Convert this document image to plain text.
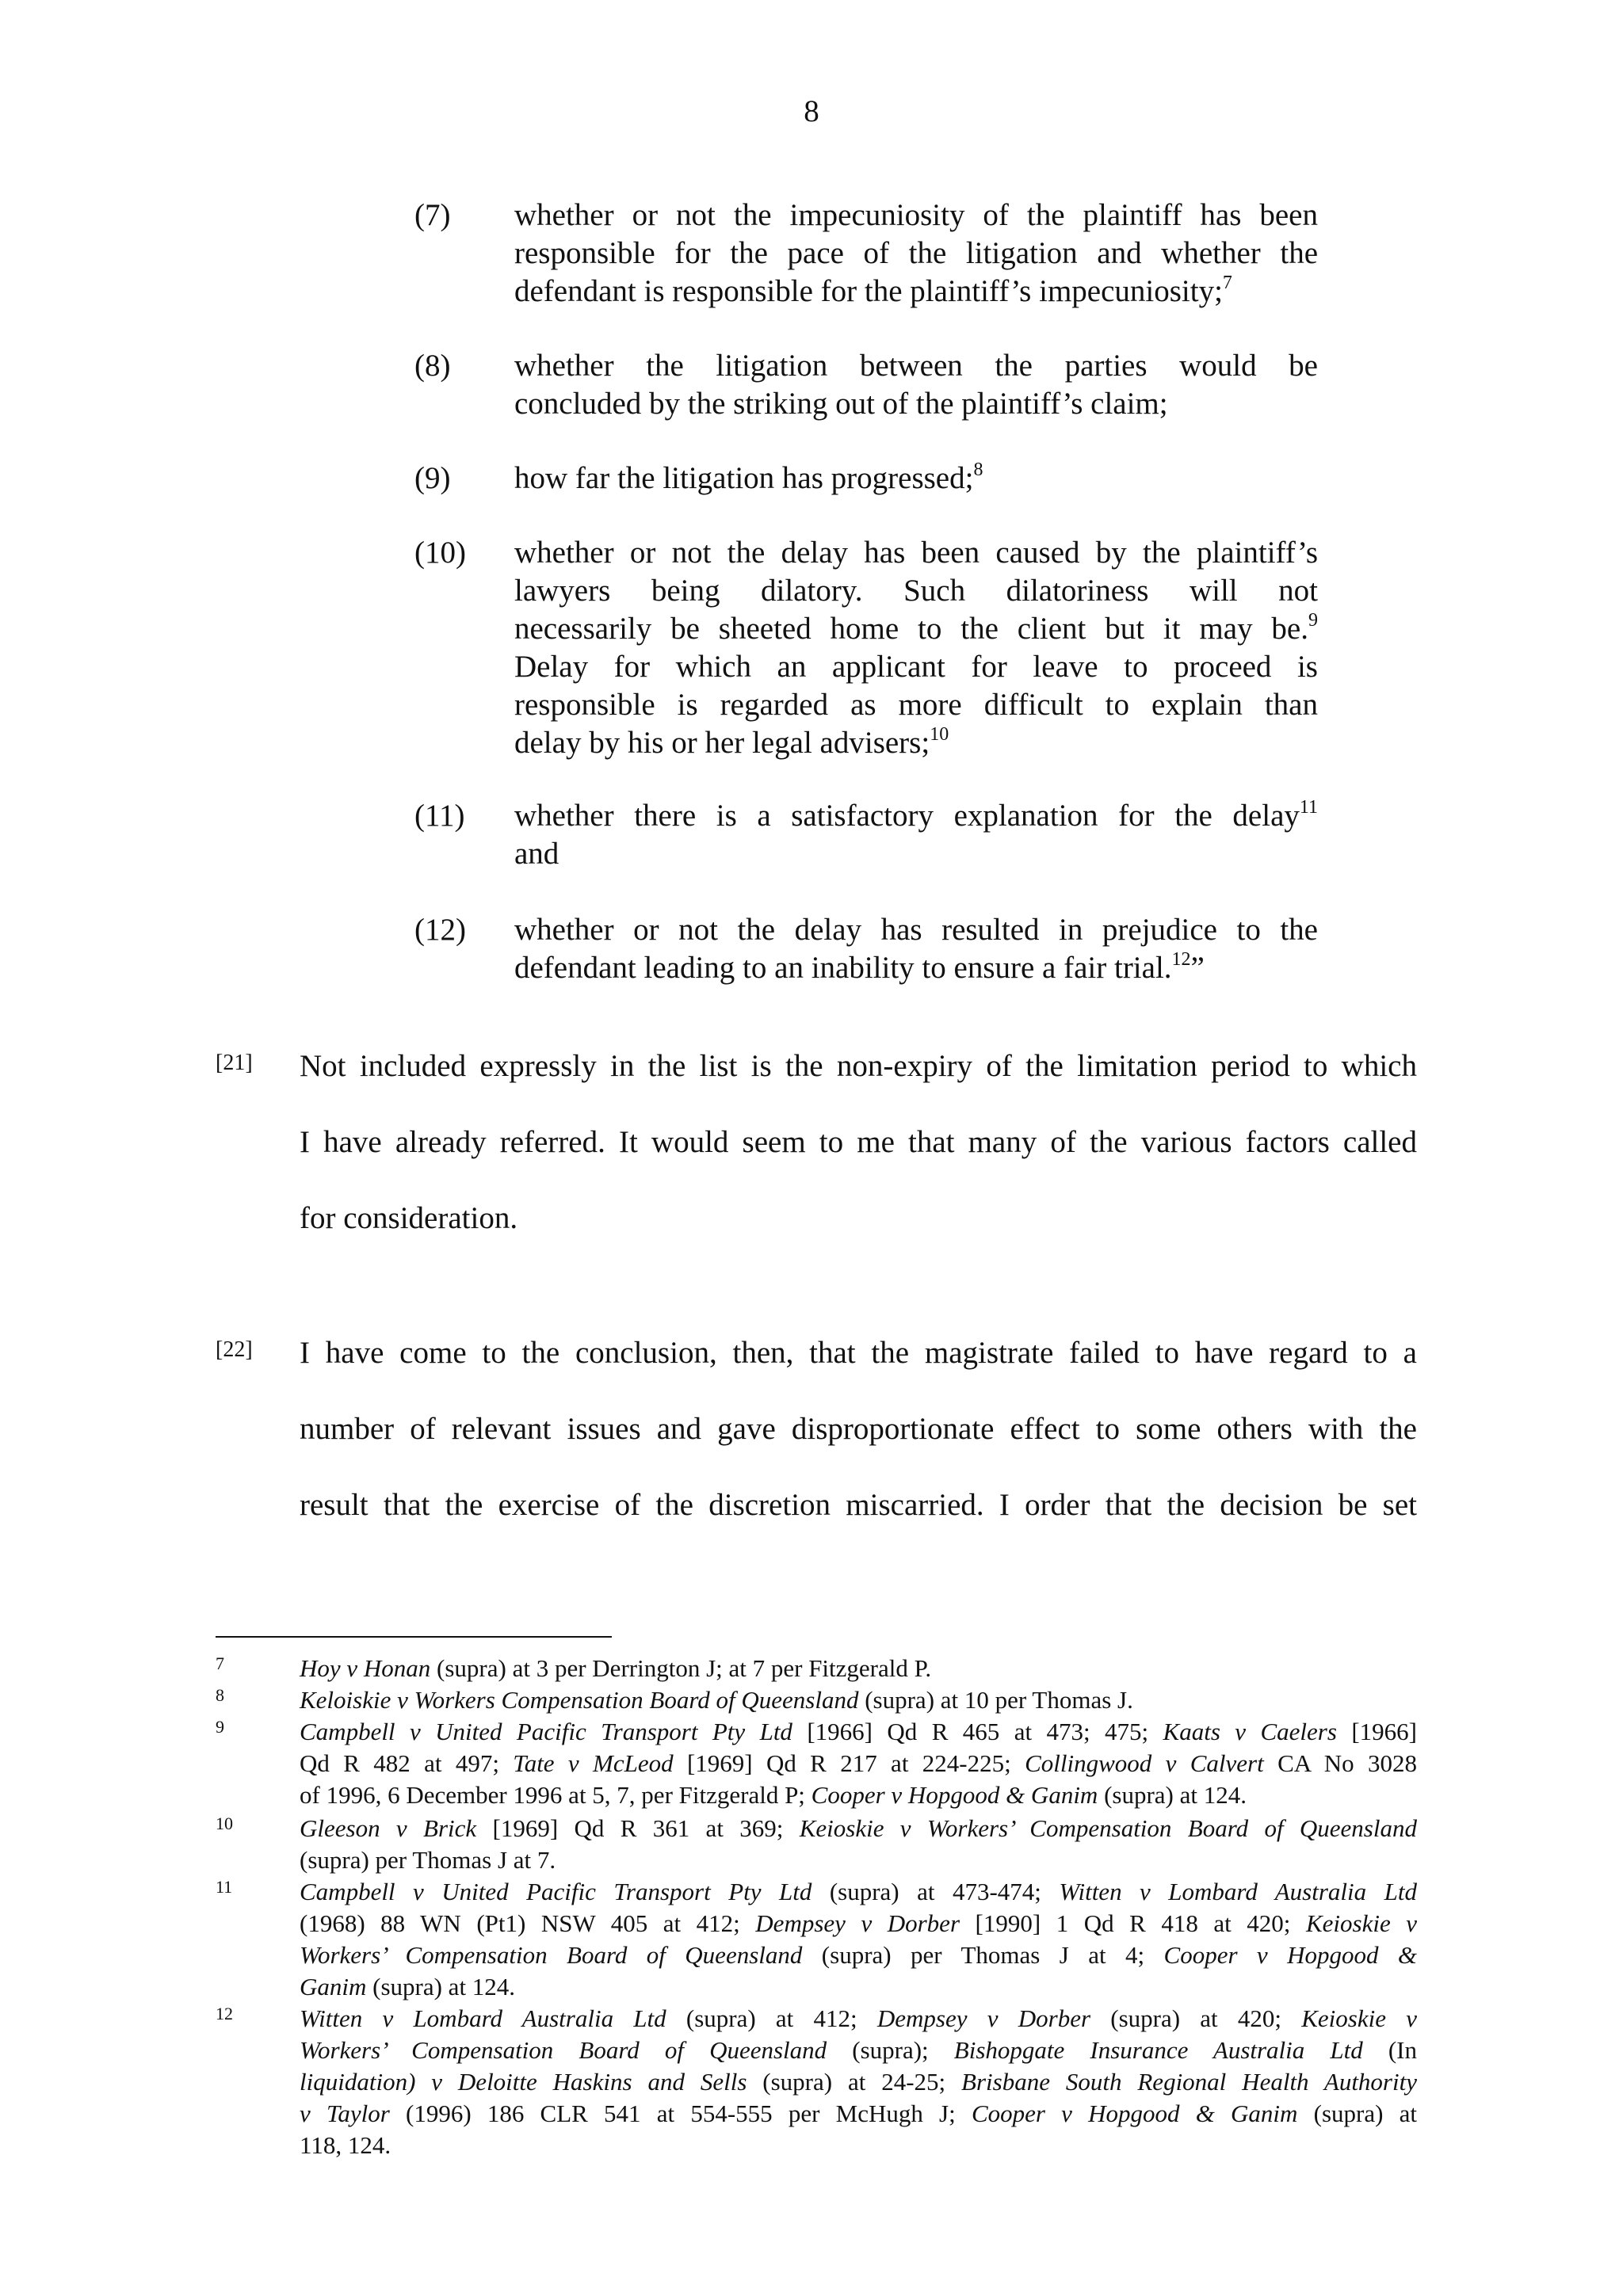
8
(7) whether or not the impecuniosity of the plaintiff has been
responsible for the pace of the litigation and whether the
defendant is responsible for the plaintiff’s impecuniosity;$^7$
(8) whether the litigation between the parties would be
concluded by the striking out of the plaintiff’s claim;
(9) how far the litigation has progressed;$^8$
(10) whether or not the delay has been caused by the plaintiff’s
lawyers being dilatory. Such dilatoriness will not
necessarily be sheeted home to the client but it may be.$^9$
Delay for which an applicant for leave to proceed is
responsible is regarded as more difficult to explain than
delay by his or her legal advisers;$^{10}$
(11) whether there is a satisfactory explanation for the delay$^{11}$
and
(12) whether or not the delay has resulted in prejudice to the
defendant leading to an inability to ensure a fair trial.$^{12}$”
[21] Not included expressly in the list is the non-expiry of the limitation period to which
I have already referred. It would seem to me that many of the various factors called
for consideration.
[22] I have come to the conclusion, then, that the magistrate failed to have regard to a
number of relevant issues and gave disproportionate effect to some others with the
result that the exercise of the discretion miscarried. I order that the decision be set
7	Hoy v Honan (supra) at 3 per Derrington J; at 7 per Fitzgerald P.
8	Keloiskie v Workers Compensation Board of Queensland (supra) at 10 per Thomas J.
9	Campbell v United Pacific Transport Pty Ltd [1966] Qd R 465 at 473; 475; Kaats v Caelers [1966]
Qd R 482 at 497; Tate v McLeod [1969] Qd R 217 at 224-225; Collingwood v Calvert CA No 3028
of 1996, 6 December 1996 at 5, 7, per Fitzgerald P; Cooper v Hopgood & Ganim (supra) at 124.
10	Gleeson v Brick [1969] Qd R 361 at 369; Keioskie v Workers’ Compensation Board of Queensland
(supra) per Thomas J at 7.
11	Campbell v United Pacific Transport Pty Ltd (supra) at 473-474; Witten v Lombard Australia Ltd
(1968) 88 WN (Pt1) NSW 405 at 412; Dempsey v Dorber [1990] 1 Qd R 418 at 420; Keioskie v
Workers’ Compensation Board of Queensland (supra) per Thomas J at 4; Cooper v Hopgood &
Ganim (supra) at 124.
12	Witten v Lombard Australia Ltd (supra) at 412; Dempsey v Dorber (supra) at 420; Keioskie v
Workers’ Compensation Board of Queensland (supra); Bishopgate Insurance Australia Ltd (In
liquidation) v Deloitte Haskins and Sells (supra) at 24-25; Brisbane South Regional Health Authority
v Taylor (1996) 186 CLR 541 at 554-555 per McHugh J; Cooper v Hopgood & Ganim (supra) at
118, 124.
